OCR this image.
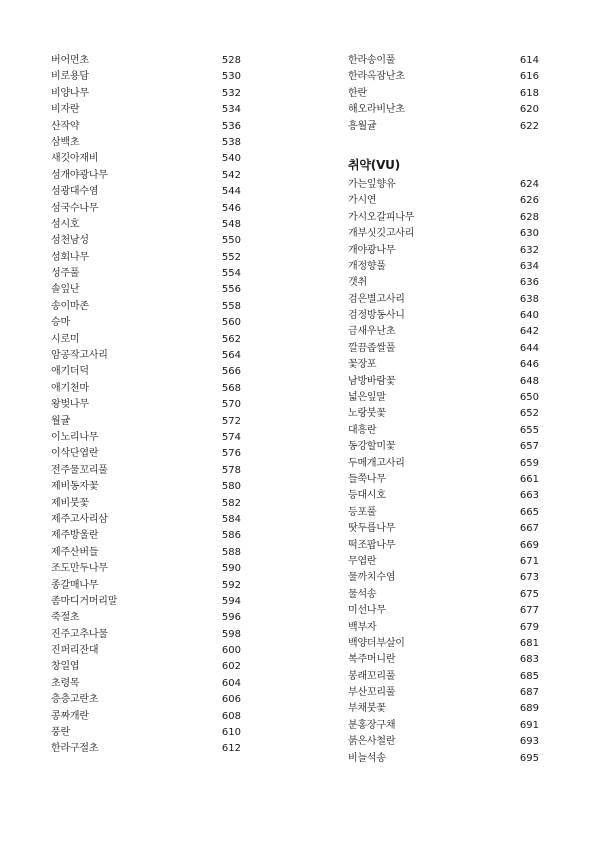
버어먼초	528
비로용담	530
비양나무	532
비자란	534
산작약	536
삼백초	538
새깃아재비	540
섬개야광나무	542
섬광대수염	544
섬국수나무	546
섬시호	548
섬천남성	550
섬회나무	552
성주풀	554
솔잎난	556
송이마존	558
승마	560
시로미	562
암공작고사리	564
애기더덕	566
애기천마	568
왕벚나무	570
월귤	572
이노리나무	574
이삭단엽란	576
전주물꼬리풀	578
제비동자꽃	580
제비붓꽃	582
제주고사리삼	584
제주방울란	586
제주산버들	588
조도만두나무	590
종갈매나무	592
좀마디거머리말	594
죽절초	596
진주고추나물	598
진퍼리잔대	600
창일엽	602
초령목	604
층층고란초	606
콩짜개란	608
풍란	610
한라구절초	612
한라송이풀	614
한라옥잠난초	616
한란	618
해오라비난초	620
흥월귤	622
취약(VU)
가는잎향유	624
가시연	626
가시오갈피나무	628
개부싯깃고사리	630
개야광나무	632
개정향풀	634
갯취	636
검은별고사리	638
검정방동사니	640
금새우난초	642
깔끔좁쌀풀	644
꽃장포	646
남방바람꽃	648
넓은잎말	650
노랑붓꽃	652
대흥란	655
동강할미꽃	657
두메개고사리	659
들쭉나무	661
등대시호	663
등포풀	665
땃두릅나무	667
떡조팝나무	669
무엽란	671
물까치수염	673
물석송	675
미선나무	677
백부자	679
백양더부살이	681
복주머니란	683
봉래꼬리풀	685
부산꼬리풀	687
부채붓꽃	689
분홍장구채	691
붉은사철란	693
비늘석송	695
